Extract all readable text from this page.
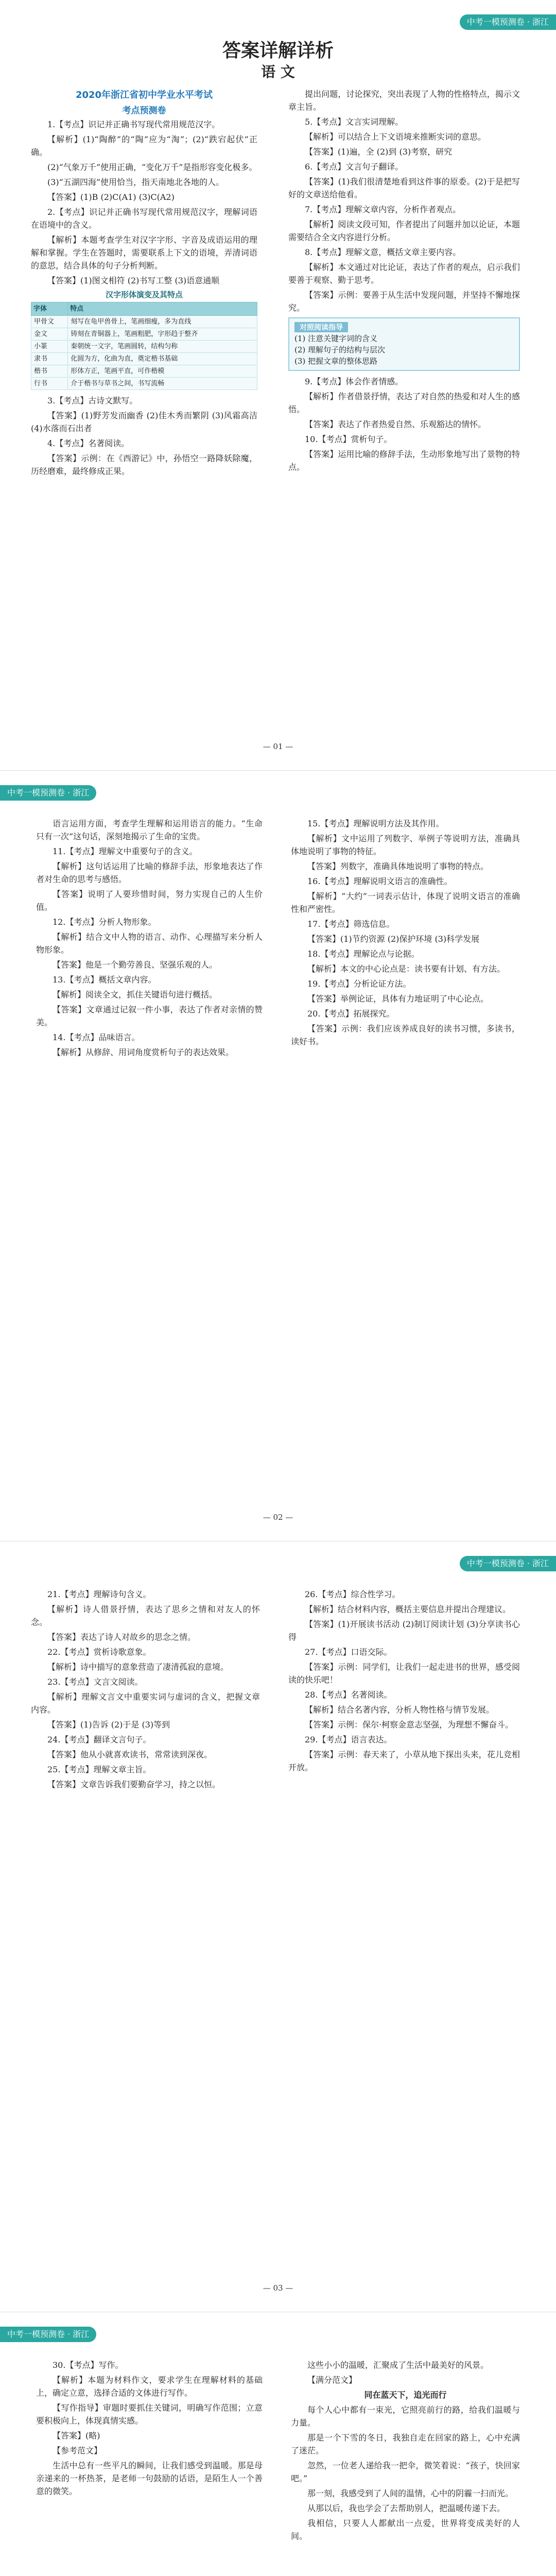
中考一模预测卷 · 浙江
答案详解详析
语 文

2020年浙江省初中学业水平考试

考点预测卷

1.【考点】识记并正确书写现代常用规范汉字。

【解析】(1)“陶醉”的“陶”应为“淘”；(2)“跌宕起伏”正确。

(2)“气象万千”使用正确，“变化万千”是指形容变化极多。

(3)“五湖四海”使用恰当，指天南地北各地的人。

【答案】(1)B (2)C(A1) (3)C(A2)

2.【考点】识记并正确书写现代常用规范汉字，理解词语在语境中的含义。

【解析】本题考查学生对汉字字形、字音及成语运用的理解和掌握。学生在答题时，需要联系上下文的语境，弄清词语的意思，结合具体的句子分析判断。

【答案】(1)图文相符 (2)书写工整 (3)语意通顺

汉字形体演变及其特点

字体	特点
甲骨文	刻写在龟甲兽骨上，笔画细瘦，多为直线
金文	铸刻在青铜器上，笔画粗肥，字形趋于整齐
小篆	秦朝统一文字，笔画圆转，结构匀称
隶书	化圆为方，化曲为直，奠定楷书基础
楷书	形体方正，笔画平直，可作楷模
行书	介于楷书与草书之间，书写流畅

3.【考点】古诗文默写。

【答案】(1)野芳发而幽香 (2)佳木秀而繁阴 (3)风霜高洁 (4)水落而石出者

4.【考点】名著阅读。

【答案】示例：在《西游记》中，孙悟空一路降妖除魔，历经磨难，最终修成正果。

提出问题，讨论探究，突出表现了人物的性格特点，揭示文章主旨。

5.【考点】文言实词理解。

【解析】可以结合上下文语境来推断实词的意思。

【答案】(1)遍，全 (2)到 (3)考察，研究

6.【考点】文言句子翻译。

【答案】(1)我们很清楚地看到这件事的原委。(2)于是把写好的文章送给他看。

7.【考点】理解文章内容，分析作者观点。

【解析】阅读文段可知，作者提出了问题并加以论证，本题需要结合全文内容进行分析。

8.【考点】理解文意，概括文章主要内容。

【解析】本文通过对比论证，表达了作者的观点，启示我们要善于观察、勤于思考。

【答案】示例：要善于从生活中发现问题，并坚持不懈地探究。

对照阅读指导
(1) 注意关键字词的含义
(2) 理解句子的结构与层次
(3) 把握文章的整体思路

9.【考点】体会作者情感。

【解析】作者借景抒情，表达了对自然的热爱和对人生的感悟。

【答案】表达了作者热爱自然、乐观豁达的情怀。

10.【考点】赏析句子。

【答案】运用比喻的修辞手法，生动形象地写出了景物的特点。

— 01 —
中考一模预测卷 · 浙江

语言运用方面，考查学生理解和运用语言的能力。“生命只有一次”这句话，深刻地揭示了生命的宝贵。

11.【考点】理解文中重要句子的含义。

【解析】这句话运用了比喻的修辞手法，形象地表达了作者对生命的思考与感悟。

【答案】说明了人要珍惜时间，努力实现自己的人生价值。

12.【考点】分析人物形象。

【解析】结合文中人物的语言、动作、心理描写来分析人物形象。

【答案】他是一个勤劳善良、坚强乐观的人。

13.【考点】概括文章内容。

【解析】阅读全文，抓住关键语句进行概括。

【答案】文章通过记叙一件小事，表达了作者对亲情的赞美。

14.【考点】品味语言。

【解析】从修辞、用词角度赏析句子的表达效果。

15.【考点】理解说明方法及其作用。

【解析】文中运用了列数字、举例子等说明方法，准确具体地说明了事物的特征。

【答案】列数字，准确具体地说明了事物的特点。

16.【考点】理解说明文语言的准确性。

【解析】“大约”一词表示估计，体现了说明文语言的准确性和严密性。

17.【考点】筛选信息。

【答案】(1)节约资源 (2)保护环境 (3)科学发展

18.【考点】理解论点与论据。

【解析】本文的中心论点是：读书要有计划、有方法。

19.【考点】分析论证方法。

【答案】举例论证，具体有力地证明了中心论点。

20.【考点】拓展探究。

【答案】示例：我们应该养成良好的读书习惯，多读书，读好书。

— 02 —
中考一模预测卷 · 浙江

21.【考点】理解诗句含义。

【解析】诗人借景抒情，表达了思乡之情和对友人的怀念。

【答案】表达了诗人对故乡的思念之情。

22.【考点】赏析诗歌意象。

【解析】诗中描写的意象营造了凄清孤寂的意境。

23.【考点】文言文阅读。

【解析】理解文言文中重要实词与虚词的含义，把握文章内容。

【答案】(1)告诉 (2)于是 (3)等到

24.【考点】翻译文言句子。

【答案】他从小就喜欢读书，常常读到深夜。

25.【考点】理解文章主旨。

【答案】文章告诉我们要勤奋学习，持之以恒。

26.【考点】综合性学习。

【解析】结合材料内容，概括主要信息并提出合理建议。

【答案】(1)开展读书活动 (2)制订阅读计划 (3)分享读书心得

27.【考点】口语交际。

【答案】示例：同学们，让我们一起走进书的世界，感受阅读的快乐吧！

28.【考点】名著阅读。

【解析】结合名著内容，分析人物性格与情节发展。

【答案】示例：保尔·柯察金意志坚强，为理想不懈奋斗。

29.【考点】语言表达。

【答案】示例：春天来了，小草从地下探出头来，花儿竞相开放。

— 03 —
中考一模预测卷 · 浙江

30.【考点】写作。

【解析】本题为材料作文，要求学生在理解材料的基础上，确定立意，选择合适的文体进行写作。

【写作指导】审题时要抓住关键词，明确写作范围；立意要积极向上，体现真情实感。

【答案】(略)

【参考范文】

生活中总有一些平凡的瞬间，让我们感受到温暖。那是母亲递来的一杯热茶，是老师一句鼓励的话语，是陌生人一个善意的微笑。

这些小小的温暖，汇聚成了生活中最美好的风景。

【满分范文】

同在蓝天下，追光而行

每个人心中都有一束光，它照亮前行的路，给我们温暖与力量。

那是一个下雪的冬日，我独自走在回家的路上，心中充满了迷茫。

忽然，一位老人递给我一把伞，微笑着说：“孩子，快回家吧。”

那一刻，我感受到了人间的温情，心中的阴霾一扫而光。

从那以后，我也学会了去帮助别人，把温暖传递下去。

我相信，只要人人都献出一点爱，世界将变成美好的人间。
